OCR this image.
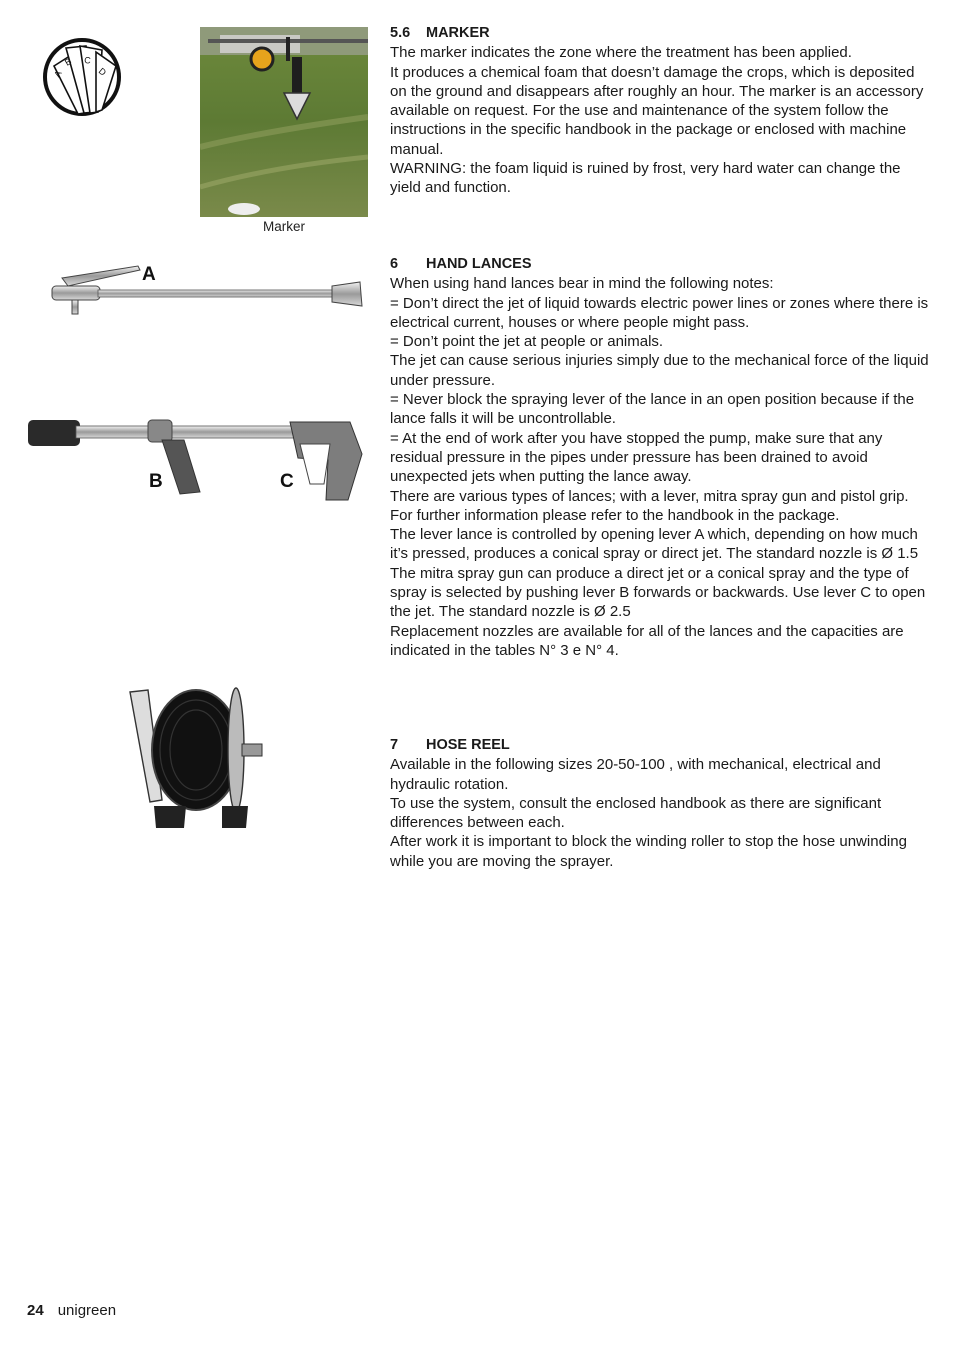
A
B C
D
Marker
A
B	C

5.6 MARKER

The marker indicates the zone where the treatment has been applied.

It produces a chemical foam that doesn’t damage the crops, which is deposited on the ground and disappears after roughly an hour. The marker is an accessory available on request. For the use and maintenance of the system follow the instructions in the specific handbook in the package or enclosed with machine manual.

WARNING: the foam liquid is ruined by frost, very hard water can change the yield and function.

6 HAND LANCES

When using hand lances bear in mind the following notes:

= Don’t direct the jet of liquid towards electric power lines or zones where there is electrical current, houses or where people might pass.

= Don’t point the jet at people or animals.

The jet can cause serious injuries simply due to the mechanical force of the liquid under pressure.

= Never block the spraying lever of the lance in an open position because if the lance falls it will be uncontrollable.

= At the end of work after you have stopped the pump, make sure that any residual pressure in the pipes under pressure has been drained to avoid unexpected jets when putting the lance away.

There are various types of lances; with a lever, mitra spray gun and pistol grip.

For further information please refer to the handbook in the package.

The lever lance is controlled by opening lever A which, depending on how much it’s pressed, produces a conical spray or direct jet. The standard nozzle is Ø 1.5

The mitra spray gun can produce a direct jet or a conical spray and the type of spray is selected by pushing lever B forwards or backwards. Use lever C to open the jet. The standard nozzle is Ø 2.5

Replacement nozzles are available for all of the lances and the capacities are indicated in the tables N° 3 e N° 4.

7 HOSE REEL

Available in the following sizes 20-50-100 , with mechanical, electrical and hydraulic rotation.

To use the system, consult the enclosed handbook as there are significant differences between each.

After work it is important to block the winding roller to stop the hose unwinding while you are moving the sprayer.

24 unigreen
